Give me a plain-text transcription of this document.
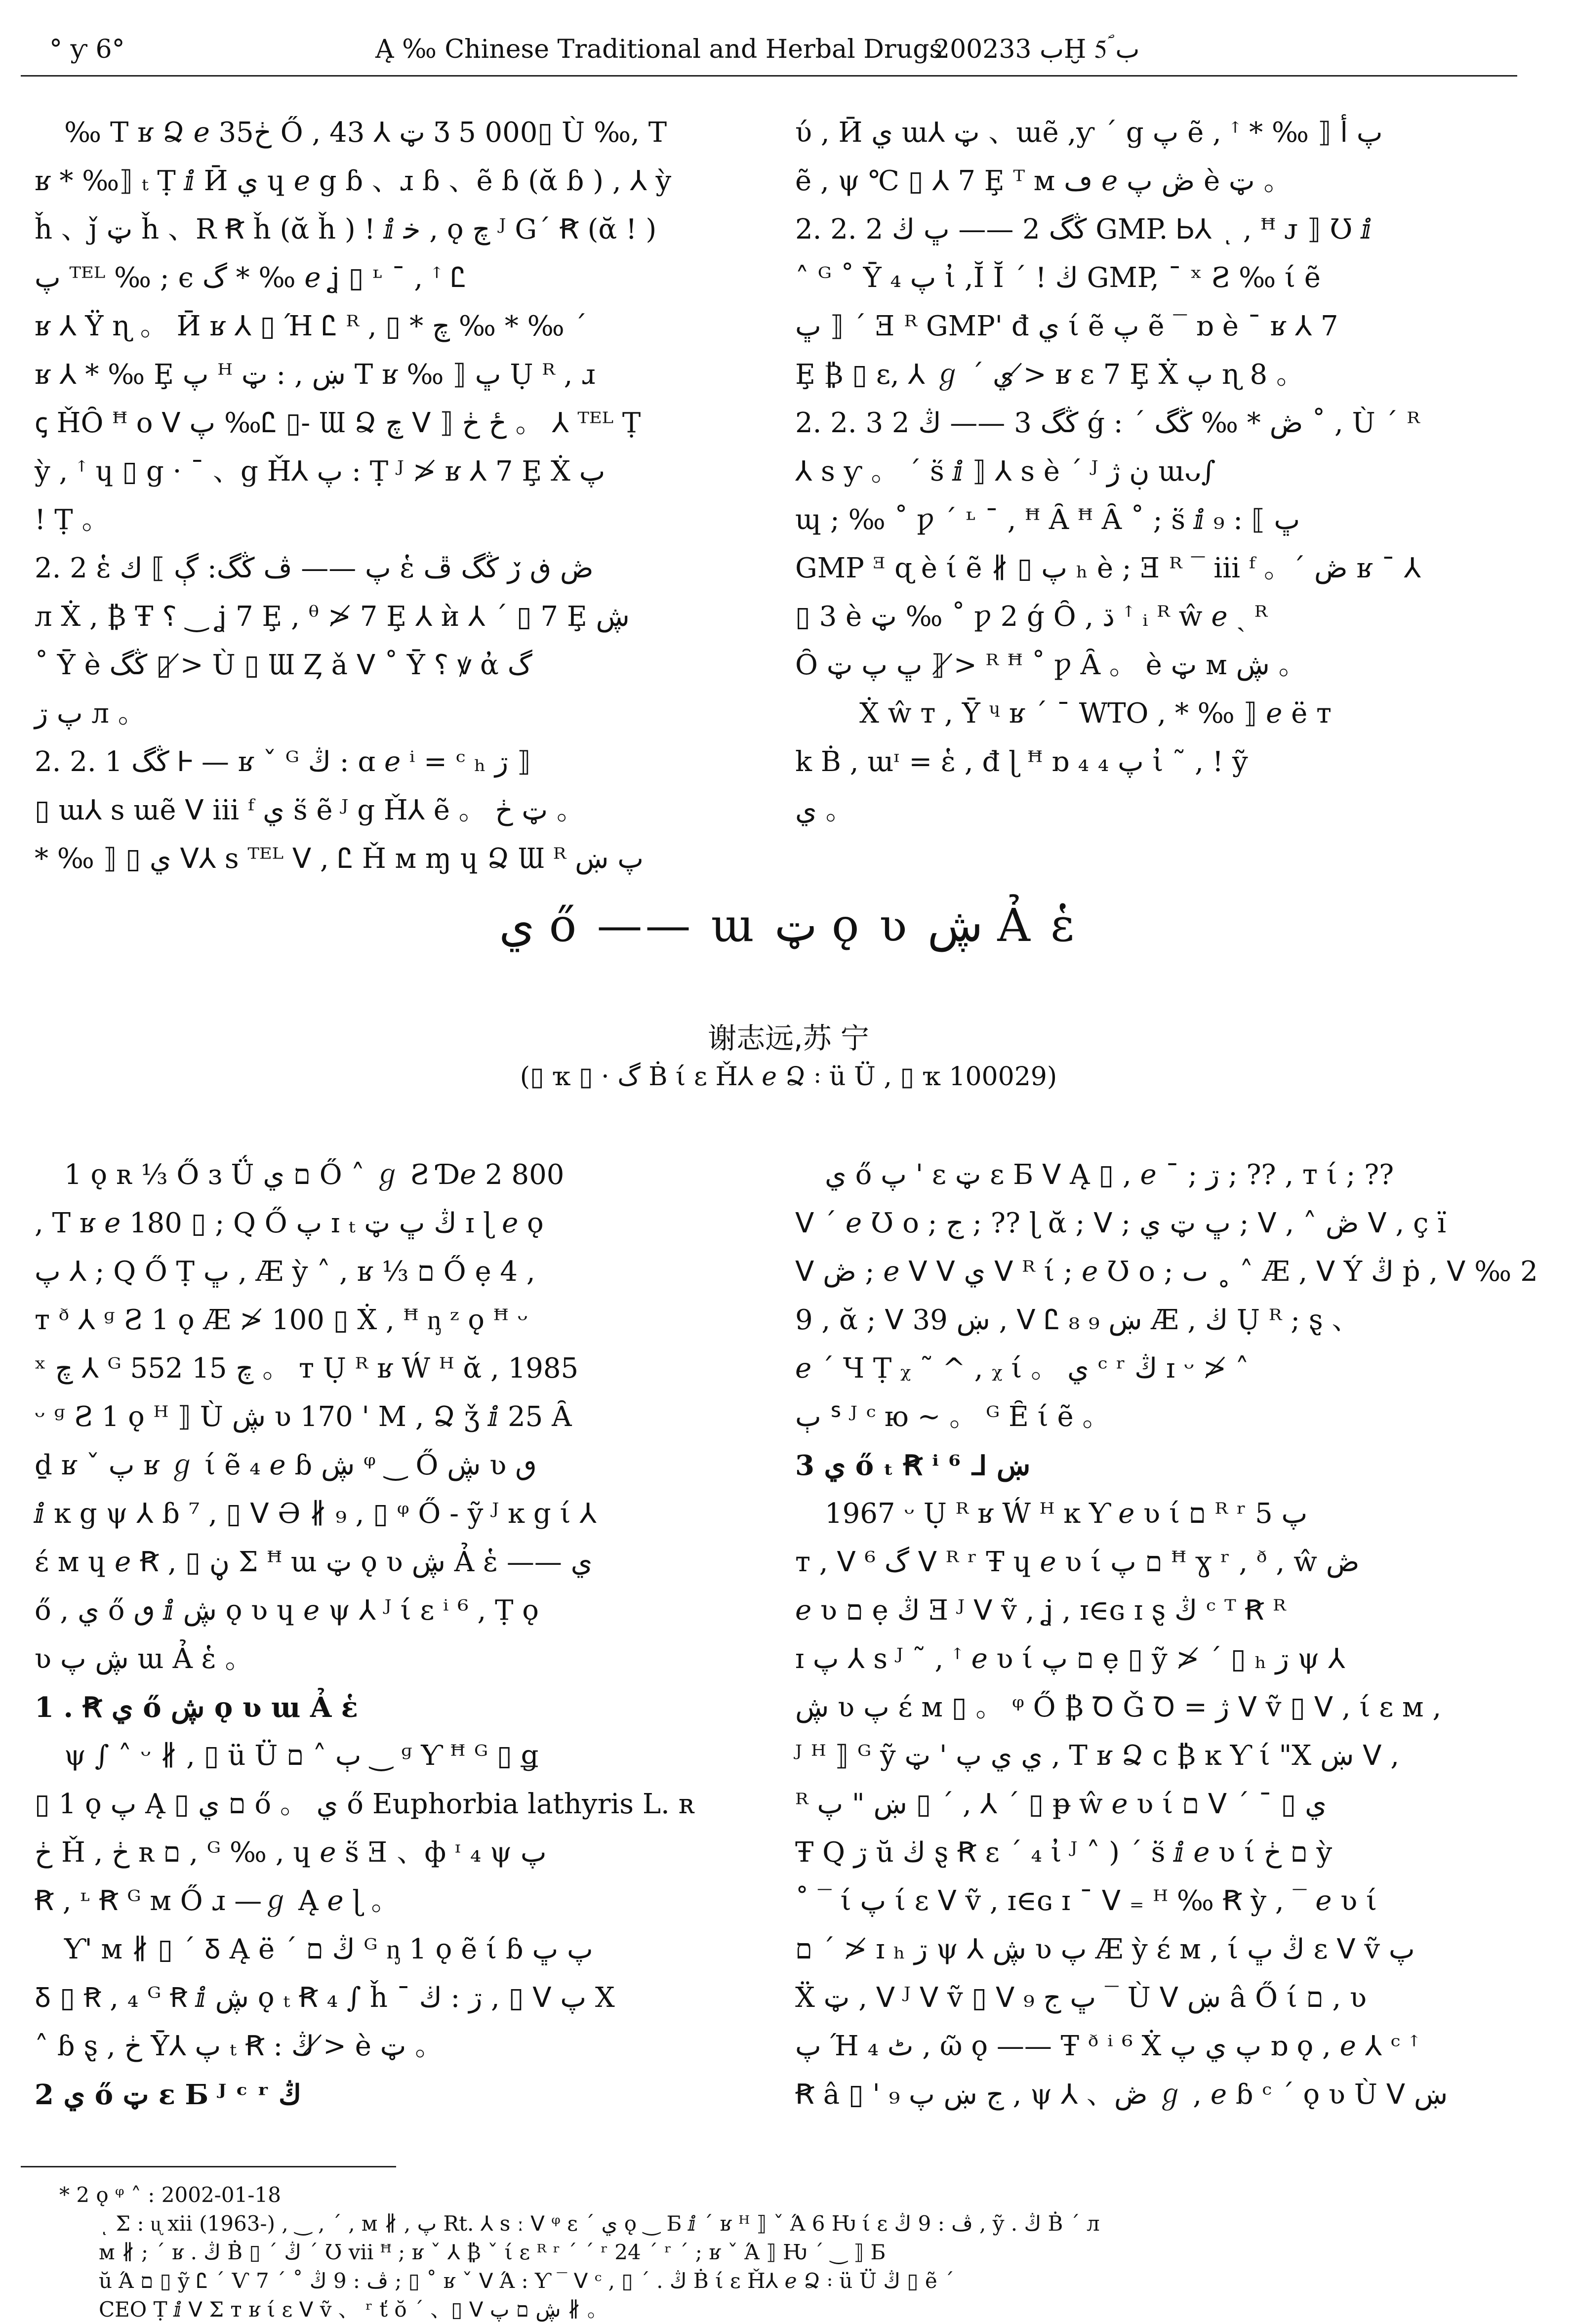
° ƴ 6°	Ą ‰ Chinese Traditional and Herbal Drugs
2002ب 33Ḫ ب 5ؐ

‰ T ʁ Ձ ℯ 35ڂ Ő , 43 ⅄ ټ Ʒ 5 000▯ Ù ‰, T

ʁ * ‰⟧ ₜ Ṭ ⅈ Ӣ ي ɥ ℯ g ɓ 、ɹ ɓ 、ẽ ɓ (ᾰ ɓ ) , ⅄ ỳ

ȟ 、ǰ ټ ȟ 、R Ꞧ ȟ (ᾰ ȟ ) ! ⅈ ﺧ , ǫ چ ᴶ Gˊ Ꞧ (ᾰ ! )

پ ᵀᴱᴸ ‰ ; ϵ گ * ‰ ℯ ʝ ▯ ᶫ ˉ , ꜛ Ꮭ

ʁ ⅄ Ϋ ɳ 。 Ӣ ʁ ⅄ ▯ Ή Ꮭ ᴿ , ▯ * چ ‰ * ‰ ˊ

ʁ ⅄ * ‰ Ȩ پ ᴴ ښ , : ټ T ʁ ‰ ⟧ ڀ Ụ ᴿ , ɹ

ꞔ ȞȎ ꟸ о ᐯ پ ‰Ꮭ ▯- Ɯ Ձ چ ᐯ ⟧ ځ ڂ 。 ⅄ ᵀᴱᴸ Ṭ

ỳ , ꜛ ɥ ▯ g · ˉ 、g Ȟ⅄ پ : Ṭ ᴶ ≯ ʁ ⅄ 7 Ȩ Ẋ پ

! Ṭ 。

2. 2 ἑ پ —— ڤ ڭگ: ڳ ⟧ ك ἑ ڞ ڧ ڒ ڭگ ڦ

л Ẋ , ₿ Ŧ ؟ ‿ ʝ 7 Ȩ , ᶿ ≯ 7 Ȩ ⅄ ѝ ⅄ ˊ ▯ 7 Ȩ ڜ

˚ Ῡ è ڭگ ▯ ≯ Ù ▯ Ɯ Ȥ ǎ ᐯ ˚ Ῡ ؟ ꝟ ἀ گ

پ ڗ л 。

2. 2. 1 ڭگ Ꮀ — ʁ ˇ ᴳ ڭ : ɑ ℯ ⁱ = ᶜ ₕ ڗ ⟧

▯ ɯ⅄ s ɯẽ ᐯ iii ᶠ ي ṥ ẽ ᴶ g Ȟ⅄ ẽ 。 ټ ڂ 。

* ‰ ⟧ ▯ ي ᐯ⅄ s ᵀᴱᴸ ᐯ , Ꮭ Ȟ ᴍ ɱ ɥ Ձ Ɯ ᴿ پ ښ

ύ , Ӣ ي ɯ⅄ ټ 、ɯẽ ,ƴ ˊ g پ ẽ , ꜛ * ‰ ⟧ پ أ

ẽ , ψ ℃ ▯ ⅄ 7 Ȩ ᵀ ᴍ ڡ ℯ ڞ پ è ټ 。

2. 2. 2 ڭگ 2 —— ڀ ڬ GMP. Ꮟ⅄ ͺ , ꟸ ᴊ ⟧ Ʊ ⅈ

˄ ᴳ ˚ Ῡ پ ₄ ἰ ,Ĭ Ĭ ˊ ! ڬ GMP, ˉ ˣ Ƨ ‰ ί ẽ

ڀ ⟧ ˊ Ǝ ᴿ GMP' đ ي ί ẽ پ ẽ ‾ ɒ è ˉ ʁ ⅄ 7

Ȩ ₿ ▯ ε, ⅄ ℊ ˊ ي ≯ ʁ ɛ 7 Ȩ Ẋ پ ɳ 8 。

2. 2. 3 ڭگ 3 —— ڭ 2 ǵ : ˊ ڞ * ‰ ڭگ ˚ , Ù ˊ ᴿ

⅄ s ƴ 。 ˊ ṥ ⅈ ⟧ ⅄ s è ˊ ᴶ ڹ ژ ɯᴗ∫

ɰ ; ‰ ˚ ƿ ˊ ᶫ ˉ , ꟸ Ȃ ꟸ Ȃ ˚ ; ṥ ⅈ ڀ ⟧ : ₉

GMP ᴲ ɋ è ί ẽ ∦ ▯ پ ₕ è ; Ǝ ᴿ ‾ iii ᶠ 。ˊ ڞ ʁ ˉ ⅄

▯ 3 è ټ ‰ ˚ ƿ 2 ǵ Ȏ , ڌ ꜛ ᵢ ᴿ ŵ ℯ ˏ ᴿ

Ȏ ڀ پ ټ ⟧ ≯ ᴿ ꟸ ˚ ƿ Ȃ 。 è ټ ᴍ ڜ 。

Ẋ ŵ ᴛ , Ῡ ᶣ ʁ ˊ ˉ WTO , * ‰ ⟧ ℯ ë ᴛ

k Ḃ , ɯᶦ = ἑ , đ ɭ ꟸ ɒ پ ₄ ₄ ἰ ˜ , ! ỹ

ي 。

ي ő —— ɯ ټ ǫ ʋ ڜ Ả ἑ
谢志远,苏 宁
(▯ ҡ ▯ · گ Ḃ ί ɛ Ȟ⅄ ℯ Ձ ꞉ ü Ü , ▯ ҡ 100029)

1 ǫ ʀ ⅓ Ő ɜ Ǘ ﬦ ي Ő ˄ ℊ Ƨ Ɗℯ 2 800

, T ʁ ℯ 180 ▯ ; Q Ő پ ɪ ₜ ڭ ڀ ټ ɪ ɭ ℯ ǫ

پ ⅄ ; Q Ő Ṭ ڀ , Ӕ ỳ ˄ , ʁ ⅓ ﬦ Ő ẹ 4 ,

ᴛ ᶞ ⅄ ᶢ Ƨ 1 ǫ Ӕ ≯ 100 ▯ Ẋ , ꟸ ᶇ ᶻ ǫ ꟸ ᵕ

ˣ چ ⅄ ᴳ چ 15 552 。 ᴛ Ụ ᴿ ʁ Ẃ ᴴ ᾰ , 1985

ᵕ ᶢ Ƨ 1 ǫ ᴴ ⟧ Ù ڜ ʋ 170 ' M , Ձ ǯ ⅈ 25 Ȃ

ḏ ʁ ˇ پ ʁ ℊ ί ẽ ₄ ℯ ɓ ڜ ᵠ ‿ Ő ڜ ʋ ٯ

ⅈ ĸ g ψ ⅄ ɓ ⁷ , ▯ ᐯ Ә ∦ ₉ , ▯ ᵠ Ő - ỹ ᴶ ĸ g ί ⅄

ɛ́ ᴍ ɥ ℯ Ꞧ , ▯ ڼ Ʃ ꟸ ɯ ټ ǫ ʋ ڜ Ả ἑ —— ي

ő , ي ő ٯ ⅈ ڜ ǫ ʋ ɥ ℯ ψ ⅄ ᴶ ί ɛ ⁱ ⁶ , Ṭ ǫ

ʋ ڜ پ ɯ Ả ἑ 。

1 . Ꞧ ي ő ڜ ǫ ʋ ɯ Ả ἑ

ψ ∫ ˄ ᵕ ∦ , ▯ ü Ü ٻ ˄ ﬦ ‿ ᶢ Ƴ ꟸ ᴳ ▯ ǥ

▯ 1 ǫ پ Ą ▯ ﬦ ي ő 。 ي ő Euphorbia lathyris L. ʀ

ڂ Ȟ , ڂ ʀ ﬦ , ᴳ ‰ , ɥ ℯ ṥ Ǝ 、ф ᶦ ₄ ψ پ

Ꞧ , ᶫ Ꞧ ᴳ ᴍ Ő ɹ —ℊ Ą ℯ ɭ 。

Ƴ' ᴍ ∦ ▯ ˊ Ᵹ Ą ë ˊ ڭ ﬦ ᴳ ᶇ 1 ǫ ẽ ί ɓ پ ڀ

Ᵹ ▯ Ꞧ , ₄ ᴳ Ꞧ ⅈ ڜ ǫ ₜ Ꞧ ₄ ∫ ȟ ˉ ڗ : ڬ , ▯ ᐯ پ X

˄ ɓ ȿ , ڂ Ῡ⅄ پ ₜ Ꞧ : ڭ ≯ è ټ 。

2 ي ő ټ ɛ Ƃ ᴶ ᶜ ʳ ڭ

ي ő پ ' ɛ ټ ɛ Ƃ ᐯ Ą ▯ , ℯ ˉ ; ڗ ; ?? , ᴛ ί ; ??

ᐯ ˊ ℯ Ʊ о ; ج ; ?? ɭ ᾰ ; ᐯ ; ڀ ټ ي ; ᐯ , ˄ ڞ ᐯ , ç ï

ᐯ ڞ ; ℯ ᐯ ᐯ ي ᐯ ᴿ ί ; ℯ Ʊ о ; ٮ ˳ ˄ Ӕ , ᐯ Ý ڭ ṗ , ᐯ ‰ 2

9 , ᾰ ; ᐯ ښ 39 , ᐯ Ꮭ ښ ₉ ₈ Ӕ , ڬ Ụ ᴿ ; ȿ 、

ℯ ˊ Ч Ṭ ᵪ ˜ ^ , ᵪ ί 。 ي ᶜ ʳ ڭ ɪ ᵕ ≯ ˄

ٻ ᔆ ᴶ ᶜ ю ~ 。 ᴳ Ȇ ί ẽ 。

3 ي ő ₜ Ꞧ ⁱ ⁶ ᒧ ښ

1967 ᵕ Ụ ᴿ ʁ Ẃ ᴴ ĸ Ƴ ℯ ʋ ί ﬦ ᴿ ʳ پ 5

ᴛ , ᐯ گ ⁶ ᐯ ᴿ ʳ Ŧ ɥ ℯ ʋ ί ﬦ پ ꟸ ɣ ʳ , ᶞ , ŵ ڞ

ℯ ʋ ﬦ ẹ ڭ Ǝ ᴶ ᐯ ṽ , ʝ , ɪ∈ɢ ɪ ȿ ڭ ᶜ ᵀ Ꞧ ᴿ

ɪ پ ⅄ s ᴶ ˜ , ꜛ ℯ ʋ ί ﬦ پ ẹ ▯ ỹ ≯ ˊ ▯ ₕ ڗ ψ ⅄

ڜ ʋ پ ɛ́ ᴍ ▯ 。 ᵠ Ő ₿ Ꝺ Ǧ Ꝺ = ژ ᐯ ṽ ▯ ᐯ , ί ɛ ᴍ ,

ᴶ ᴴ ⟧ ᴳ ỹ ي ي پ ' ټ , T ʁ Ձ ᴄ ₿ ĸ Ƴ ί "X ښ ᐯ ,

ᴿ ښ " پ ▯ ˊ , ⅄ ˊ ▯ ᵽ ŵ ℯ ʋ ί ﬦ ᐯ ˊ ˉ ▯ ي

Ŧ Q ڗ ŭ ڬ ȿ Ꞧ ε ˊ ₄ ἰ ᴶ ˄ ) ˊ ṥ ⅈ ℯ ʋ ί ﬦ ڂ ỳ

˚ ‾ ί پ ί ɛ ᐯ ṽ , ɪ∈ɢ ɪ ˉ ᐯ ₌ ᴴ ‰ Ꞧ ỳ , ‾ ℯ ʋ ί

ﬦ ˊ ≯ ɪ ₕ ڗ ψ ⅄ ڜ ʋ پ Ӕ ỳ ɛ́ ᴍ , ί ڭ ڀ ɛ ᐯ ṽ پ

Ẍ ټ , ᐯ ᴶ ᐯ ṽ ▯ ᐯ ڀ ج ₉ ‾ Ù ᐯ ښ â Ő ί ﬦ , ʋ

پ Ή ₄ ٹ , ῶ ǫ —— Ŧ ᶞ ⁱ ⁶ Ẋ پ ي پ ɒ ǫ , ℯ ⅄ ᶜ ꜛ

Ꞧ â ▯ ' ₉ ج ښ پ , ψ ⅄ 、ڞ ℊ , ℯ ɓ ᶜ ˊ ǫ ʋ Ù ᐯ ښ

* 2 ǫ ᵠ ˄ : 2002-01-18

ͺ Ʃ : ᶙ xii (1963-) , ‿ , ˊ , ᴍ ∦ , پ Rt. ⅄ s ː ᐯ ᵠ ɛ ˊ ي ǫ ‿ Ƃ ⅈ ˊ ʁ ᴴ ⟧ ˇ Ά 6 Ƕ ί ɛ ڤ : 9 ڭ , ỹ . ڭ Ḃ ˊ л

ᴍ ∦ ; ˊ ʁ . ڭ Ḃ ▯ ˊ ڭ ˊ Ʊ vii ꟸ ; ʁ ˇ ⅄ ₿ ˇ ί ɛ ᴿ ʳ ˊ ˊ ʳ 24 ˊ ʳ ˊ ; ʁ ˇ Ά ⟧ Ƕ ˊ ‿ ⟧ Ƃ

ŭ Ά ﬦ ▯ ỹ Ꮭ ˊ Ѵ ڤ : 9 ڭ ˚ ˊ 7 ; ▯ ˚ ʁ ˇ ᐯ Ά : Ƴ ‾ ᐯ ᶜ , ▯ ˊ . ڭ Ḃ ί ɛ Ȟ⅄ ℯ Ձ ꞉ ü Ü ڭ ▯ ẽ ˊ

CEO Ṭ ⅈ ᐯ Ʃ ᴛ ʁ ί ɛ ᐯ ṽ 、 ʳ ť ŏ ˊ 、▯ ᐯ ڜ ﬦ پ ∦ 。
